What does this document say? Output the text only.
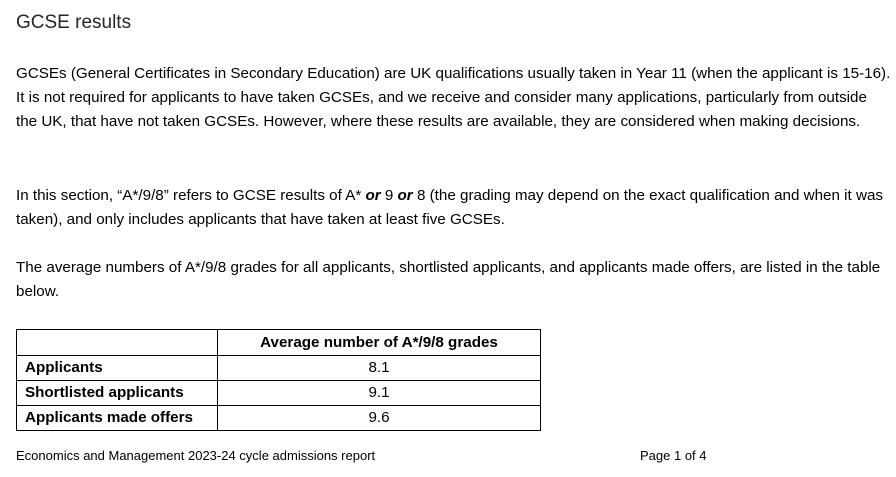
GCSE results

GCSEs (General Certificates in Secondary Education) are UK qualifications usually taken in Year 11 (when the applicant is 15-16). It is not required for applicants to have taken GCSEs, and we receive and consider many applications, particularly from outside the UK, that have not taken GCSEs. However, where these results are available, they are considered when making decisions.

In this section, “A*/9/8” refers to GCSE results of A* or 9 or 8 (the grading may depend on the exact qualification and when it was taken), and only includes applicants that have taken at least five GCSEs.

The average numbers of A*/9/8 grades for all applicants, shortlisted applicants, and applicants made offers, are listed in the table below.

	Average number of A*/9/8 grades
Applicants	8.1
Shortlisted applicants	9.1
Applicants made offers	9.6
Economics and Management 2023-24 cycle admissions report	Page 1 of 4
